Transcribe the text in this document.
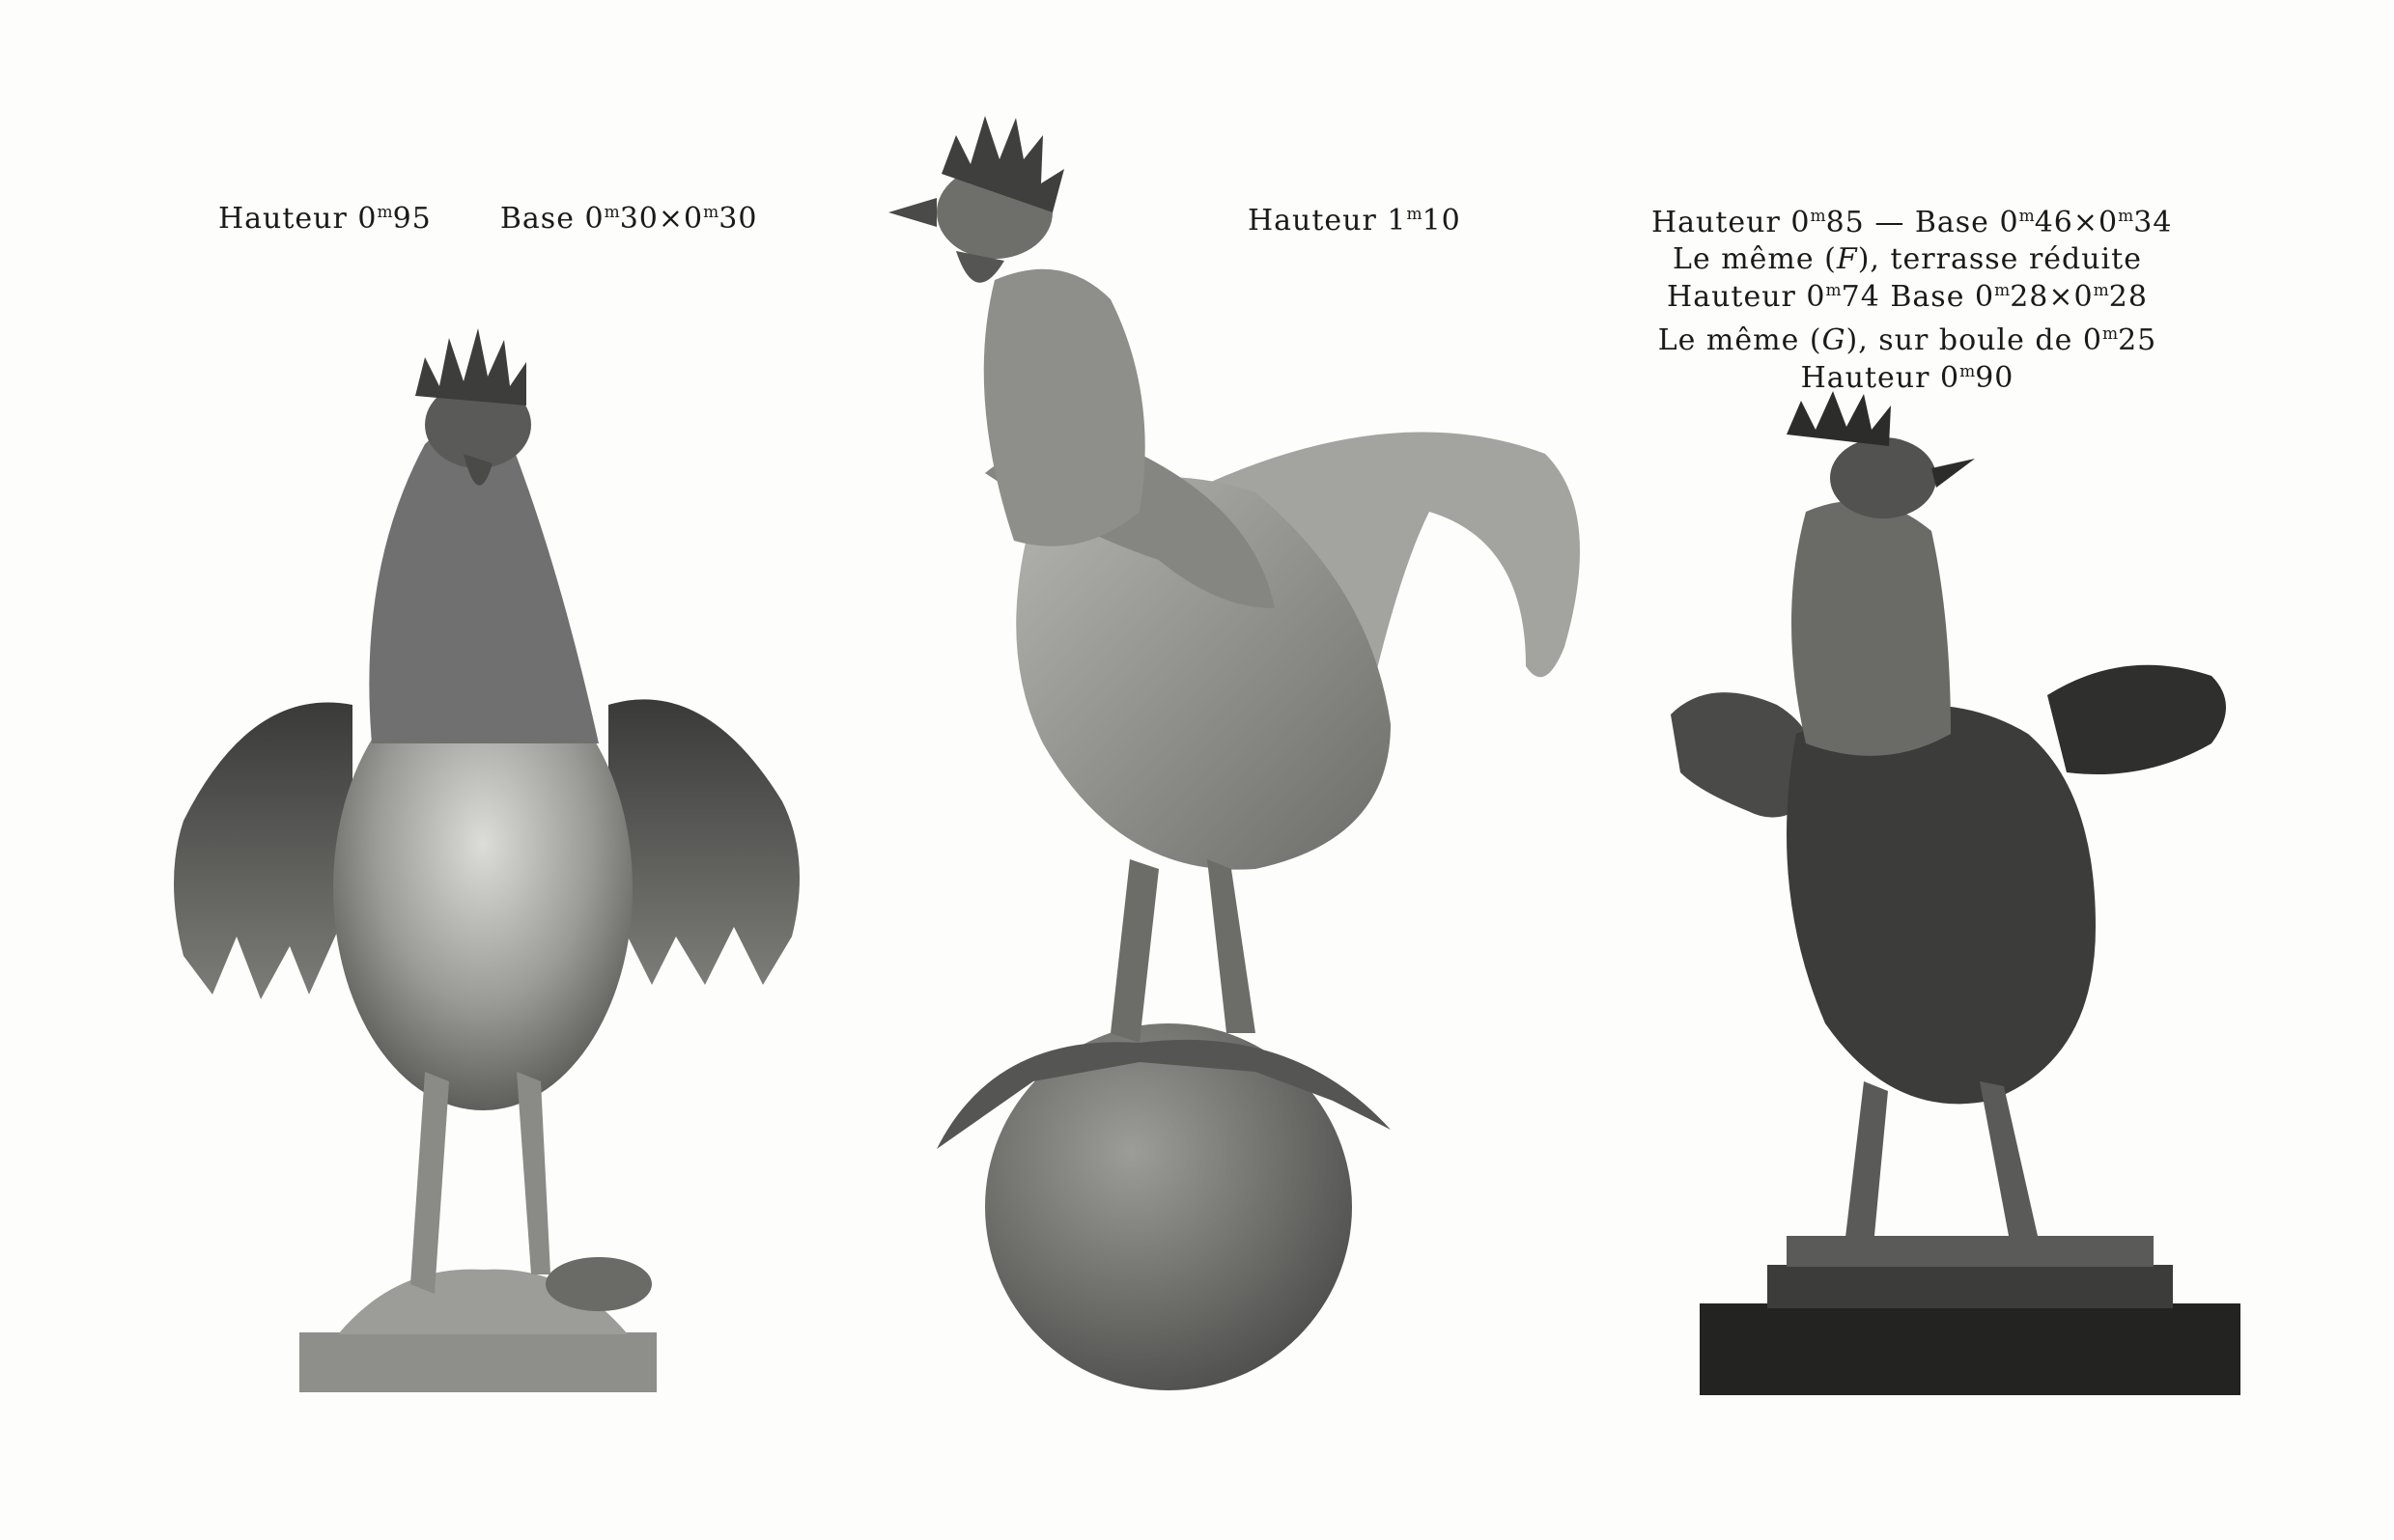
Hauteur 0$^m$95 Base $0^m30\times 0^m30$	Hauteur 1$^m$10	Hauteur 0$^m$85 — Base $0^m46\times 0^m34$
Le même (F), terrasse réduite
Hauteur 0$^m$74 Base $0^m28\times 0^m28$
Le même (G), sur boule de 0$^m$25
Hauteur 0$^m$90
